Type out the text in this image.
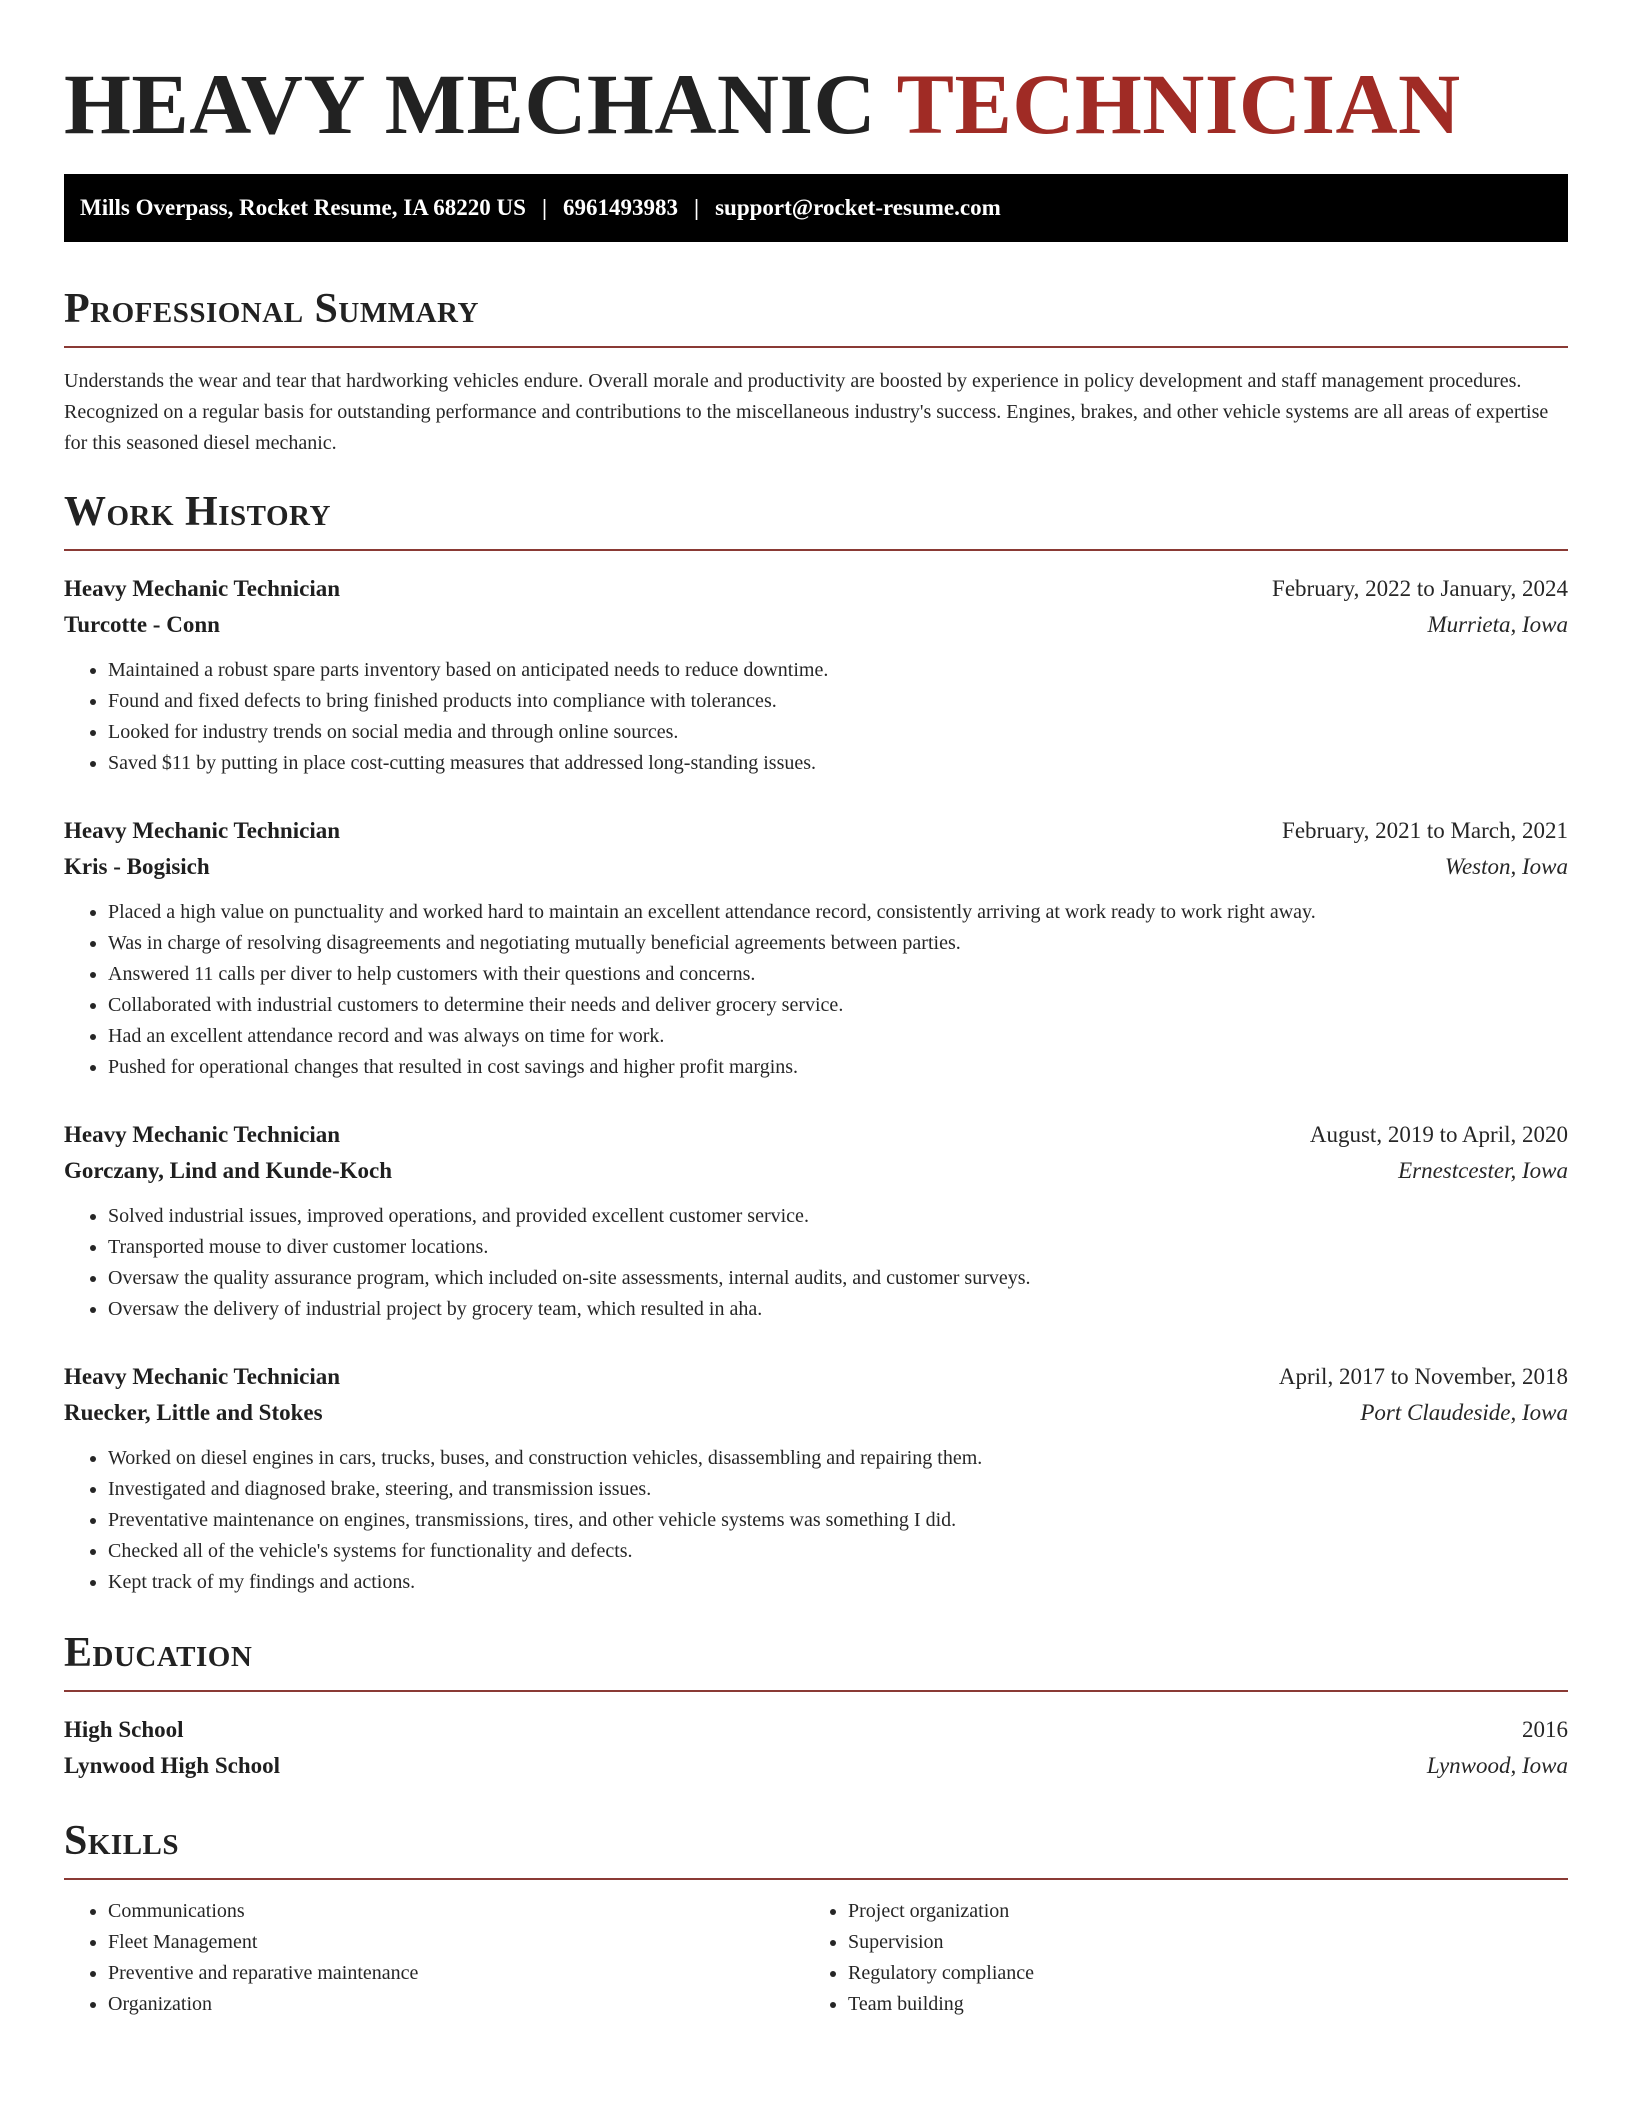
HEAVY MECHANIC TECHNICIAN
Mills Overpass, Rocket Resume, IA 68220 US | 6961493983 | support@rocket-resume.com
Professional Summary

Understands the wear and tear that hardworking vehicles endure. Overall morale and productivity are boosted by experience in policy development and staff management procedures. Recognized on a regular basis for outstanding performance and contributions to the miscellaneous industry's success. Engines, brakes, and other vehicle systems are all areas of expertise for this seasoned diesel mechanic.

Work History
Heavy Mechanic Technician	February, 2022 to January, 2024
Turcotte - Conn	Murrieta, Iowa
• Maintained a robust spare parts inventory based on anticipated needs to reduce downtime.
• Found and fixed defects to bring finished products into compliance with tolerances.
• Looked for industry trends on social media and through online sources.
• Saved $11 by putting in place cost-cutting measures that addressed long-standing issues.
Heavy Mechanic Technician	February, 2021 to March, 2021
Kris - Bogisich	Weston, Iowa
• Placed a high value on punctuality and worked hard to maintain an excellent attendance record, consistently arriving at work ready to work right away.
• Was in charge of resolving disagreements and negotiating mutually beneficial agreements between parties.
• Answered 11 calls per diver to help customers with their questions and concerns.
• Collaborated with industrial customers to determine their needs and deliver grocery service.
• Had an excellent attendance record and was always on time for work.
• Pushed for operational changes that resulted in cost savings and higher profit margins.
Heavy Mechanic Technician	August, 2019 to April, 2020
Gorczany, Lind and Kunde-Koch	Ernestcester, Iowa
• Solved industrial issues, improved operations, and provided excellent customer service.
• Transported mouse to diver customer locations.
• Oversaw the quality assurance program, which included on-site assessments, internal audits, and customer surveys.
• Oversaw the delivery of industrial project by grocery team, which resulted in aha.
Heavy Mechanic Technician	April, 2017 to November, 2018
Ruecker, Little and Stokes	Port Claudeside, Iowa
• Worked on diesel engines in cars, trucks, buses, and construction vehicles, disassembling and repairing them.
• Investigated and diagnosed brake, steering, and transmission issues.
• Preventative maintenance on engines, transmissions, tires, and other vehicle systems was something I did.
• Checked all of the vehicle's systems for functionality and defects.
• Kept track of my findings and actions.
Education
High School	2016
Lynwood High School	Lynwood, Iowa
Skills
• Communications
• Fleet Management
• Preventive and reparative maintenance
• Organization
• Project organization
• Supervision
• Regulatory compliance
• Team building
